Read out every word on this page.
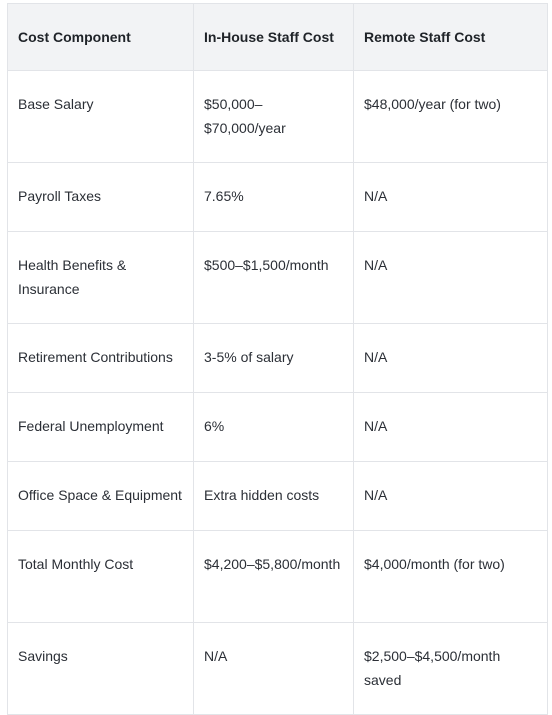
Cost Component	In-House Staff Cost	Remote Staff Cost
Base Salary	$50,000–$70,000/year	$48,000/year (for two)
Payroll Taxes	7.65%	N/A
Health Benefits & Insurance	$500–$1,500/month	N/A
Retirement Contributions	3-5% of salary	N/A
Federal Unemployment	6%	N/A
Office Space & Equipment	Extra hidden costs	N/A
Total Monthly Cost	$4,200–$5,800/month	$4,000/month (for two)
Savings	N/A	$2,500–$4,500/month saved
